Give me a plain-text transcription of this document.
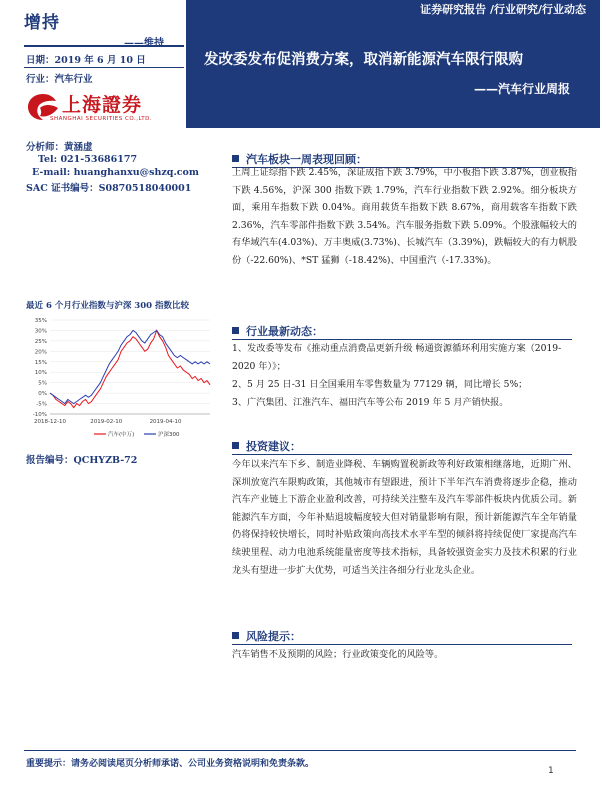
增持
——维持
证券研究报告 /行业研究/行业动态
发改委发布促消费方案，取消新能源汽车限行限购
——汽车行业周报
日期：2019 年 6 月 10 日
行业：汽车行业
上海證券
SHANGHAI SECURITIES CO.,LTD.
分析师：黄涵虚
Tel: 021-53686177
E-mail: huanghanxu@shzq.com
SAC 证书编号：S0870518040001
最近 6 个月行业指数与沪深 300 指数比较
-10%
-5%
0%
5%
10%
15%
20%
25%
30%
35%
2018-12-10	2019-02-10	2019-04-10
汽车(中万)	沪深300
报告编号：QCHYZB-72
汽车板块一周表现回顾：
上周上证综指下跌 2.45%，深证成指下跌 3.79%，中小板指下跌 3.87%，创业板指下跌 4.56%，沪深 300 指数下跌 1.79%，汽车行业指数下跌 2.92%。细分板块方面，乘用车指数下跌 0.04%。商用载货车指数下跌 8.67%，商用载客车指数下跌 2.36%，汽车零部件指数下跌 3.54%。汽车服务指数下跌 5.09%。个股涨幅较大的有华域汽车(4.03%)、万丰奥威(3.73%)、长城汽车（3.39%)，跌幅较大的有力帆股份（-22.60%)、*ST 猛狮（-18.42%)、中国重汽（-17.33%)。
行业最新动态：
1、发改委等发布《推动重点消费品更新升级 畅通资源循环利用实施方案（2019-2020 年）》；
2、5 月 25 日-31 日全国乘用车零售数量为 77129 辆，同比增长 5%；
3、广汽集团、江淮汽车、福田汽车等公布 2019 年 5 月产销快报。
投资建议：
今年以来汽车下乡、制造业降税、车辆购置税新政等利好政策相继落地，近期广州、深圳放宽汽车限购政策，其他城市有望跟进，预计下半年汽车消费将逐步企稳，推动汽车产业链上下游企业盈利改善，可持续关注整车及汽车零部件板块内优质公司。新能源汽车方面，今年补贴退坡幅度较大但对销量影响有限，预计新能源汽车全年销量仍将保持较快增长，同时补贴政策向高技术水平车型的倾斜将持续促使厂家提高汽车续驶里程、动力电池系统能量密度等技术指标，具备较强资金实力及技术积累的行业龙头有望进一步扩大优势，可适当关注各细分行业龙头企业。
风险提示：
汽车销售不及预期的风险；行业政策变化的风险等。
重要提示：请务必阅读尾页分析师承诺、公司业务资格说明和免责条款。
1
